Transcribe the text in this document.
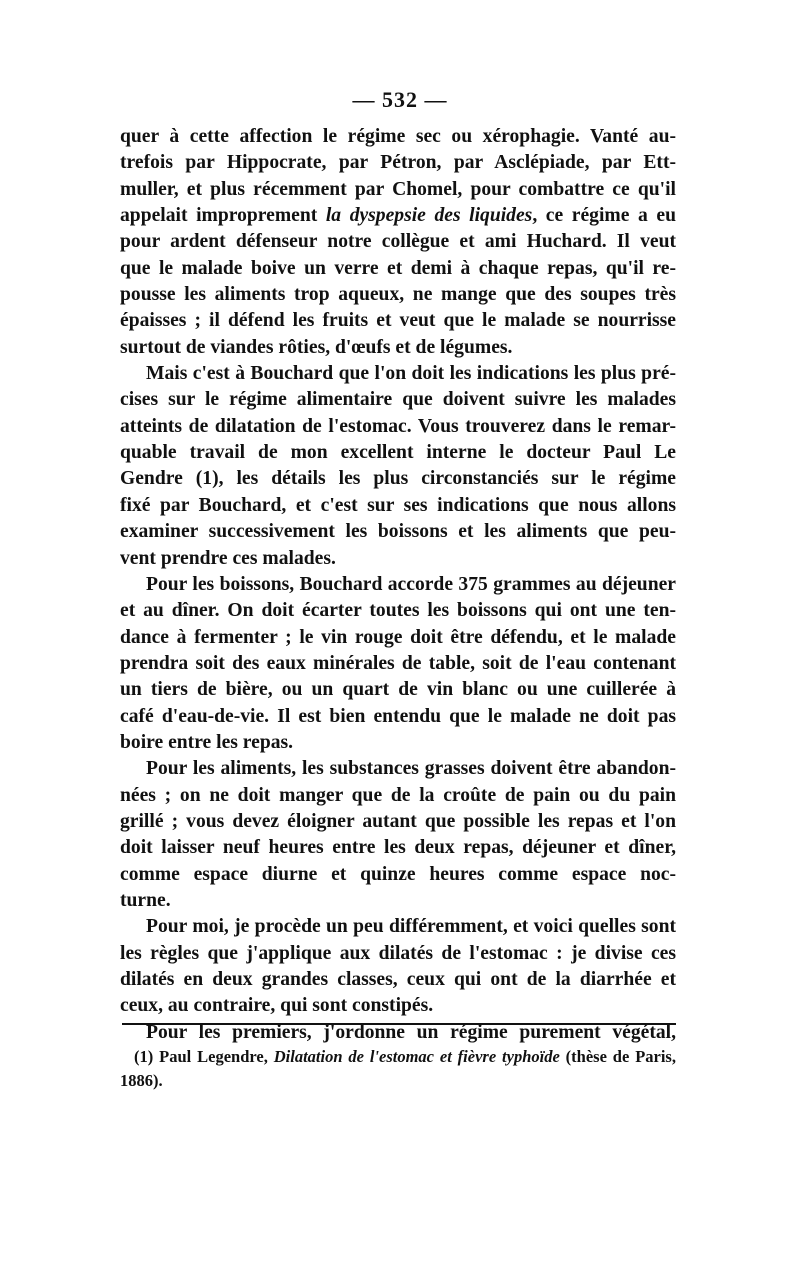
— 532 —

quer à cette affection le régime sec ou xérophagie. Vanté au-
trefois par Hippocrate, par Pétron, par Asclépiade, par Ett-
muller, et plus récemment par Chomel, pour combattre ce qu'il
appelait improprement la dyspepsie des liquides, ce régime a eu
pour ardent défenseur notre collègue et ami Huchard. Il veut
que le malade boive un verre et demi à chaque repas, qu'il re-
pousse les aliments trop aqueux, ne mange que des soupes très
épaisses ; il défend les fruits et veut que le malade se nourrisse

surtout de viandes rôties, d'œufs et de légumes.

Mais c'est à Bouchard que l'on doit les indications les plus pré-
cises sur le régime alimentaire que doivent suivre les malades
atteints de dilatation de l'estomac. Vous trouverez dans le remar-
quable travail de mon excellent interne le docteur Paul Le
Gendre (1), les détails les plus circonstanciés sur le régime
fixé par Bouchard, et c'est sur ses indications que nous allons
examiner successivement les boissons et les aliments que peu-

vent prendre ces malades.

Pour les boissons, Bouchard accorde 375 grammes au déjeuner
et au dîner. On doit écarter toutes les boissons qui ont une ten-
dance à fermenter ; le vin rouge doit être défendu, et le malade
prendra soit des eaux minérales de table, soit de l'eau contenant
un tiers de bière, ou un quart de vin blanc ou une cuillerée à
café d'eau-de-vie. Il est bien entendu que le malade ne doit pas

boire entre les repas.

Pour les aliments, les substances grasses doivent être abandon-
nées ; on ne doit manger que de la croûte de pain ou du pain
grillé ; vous devez éloigner autant que possible les repas et l'on
doit laisser neuf heures entre les deux repas, déjeuner et dîner,
comme espace diurne et quinze heures comme espace noc-

turne.

Pour moi, je procède un peu différemment, et voici quelles sont
les règles que j'applique aux dilatés de l'estomac : je divise ces
dilatés en deux grandes classes, ceux qui ont de la diarrhée et

ceux, au contraire, qui sont constipés.

Pour les premiers, j'ordonne un régime purement végétal,

(1) Paul Legendre, Dilatation de l'estomac et fièvre typhoïde (thèse de Paris, 1886).
